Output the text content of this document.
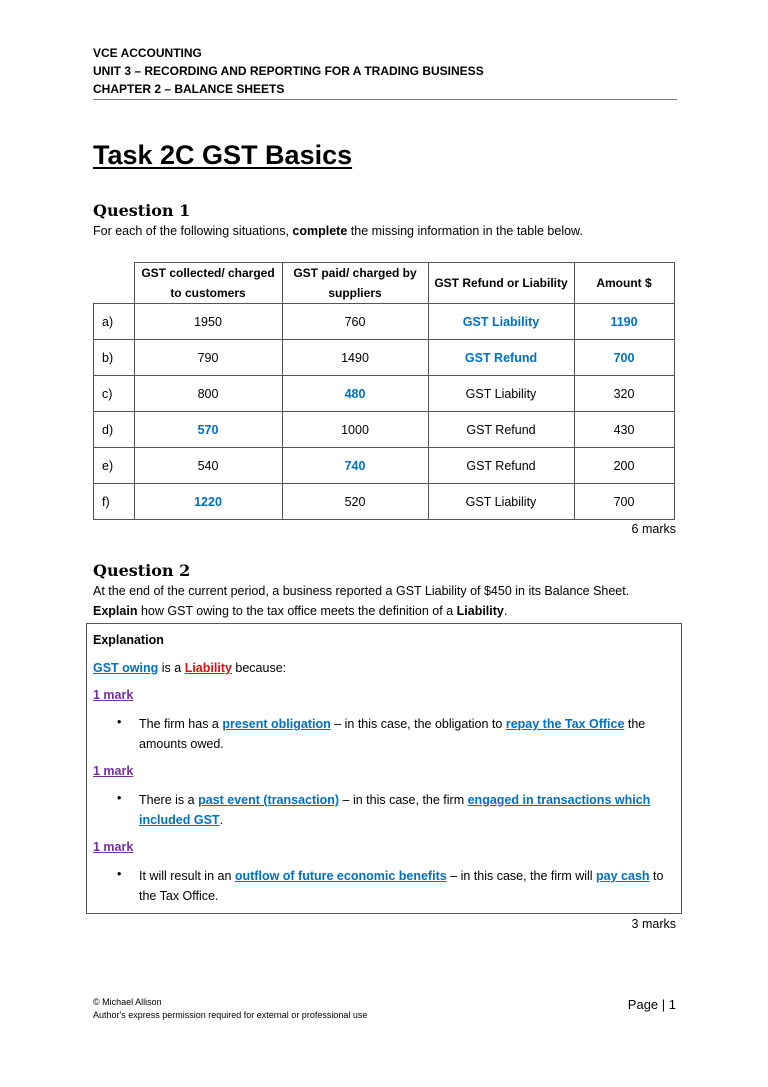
VCE ACCOUNTING
UNIT 3 – RECORDING AND REPORTING FOR A TRADING BUSINESS
CHAPTER 2 – BALANCE SHEETS
Task 2C GST Basics
Question 1
For each of the following situations, complete the missing information in the table below.
	GST collected/ charged to customers	GST paid/ charged by suppliers	GST Refund or Liability	Amount $
a)	1950	760	GST Liability	1190
b)	790	1490	GST Refund	700
c)	800	480	GST Liability	320
d)	570	1000	GST Refund	430
e)	540	740	GST Refund	200
f)	1220	520	GST Liability	700
6 marks
Question 2
At the end of the current period, a business reported a GST Liability of $450 in its Balance Sheet.
Explain how GST owing to the tax office meets the definition of a Liability.
Explanation
GST owing is a Liability because:
1 mark
• The firm has a present obligation – in this case, the obligation to repay the Tax Office the amounts owed.
1 mark
• There is a past event (transaction) – in this case, the firm engaged in transactions which included GST.
1 mark
• It will result in an outflow of future economic benefits – in this case, the firm will pay cash to the Tax Office.
3 marks
© Michael Allison
Author's express permission required for external or professional use
Page | 1
